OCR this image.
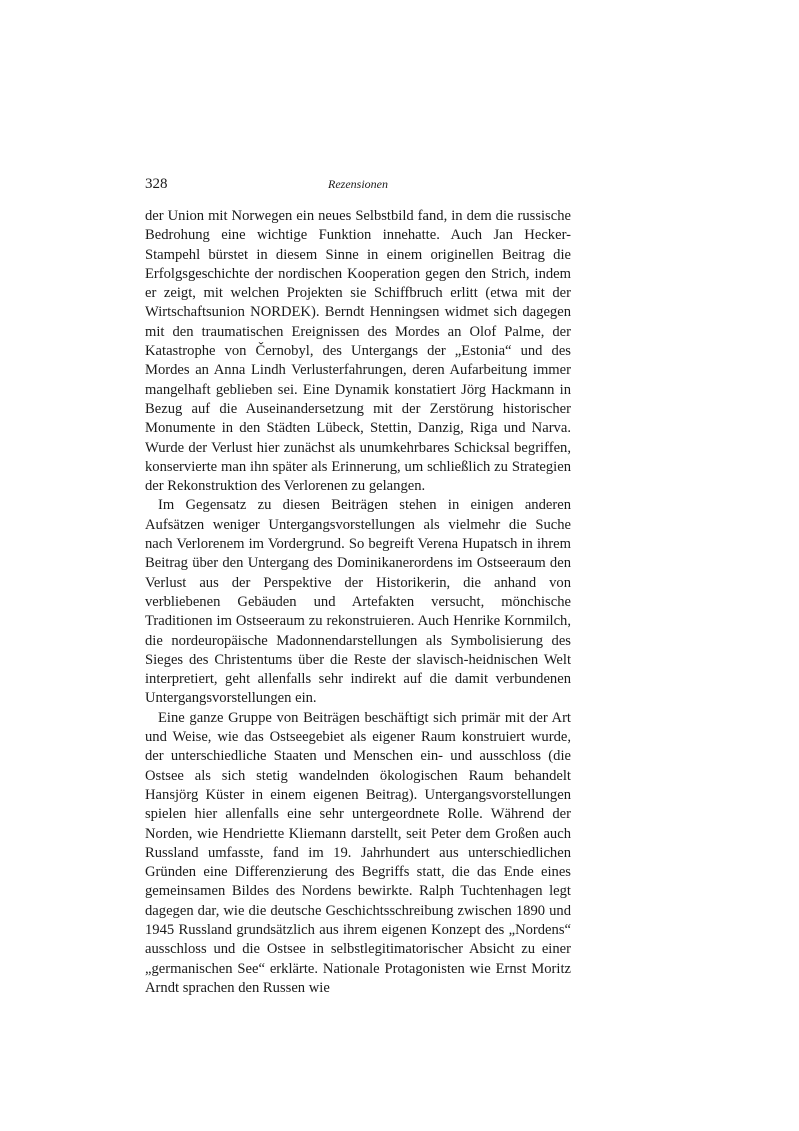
328	Rezensionen

der Union mit Norwegen ein neues Selbstbild fand, in dem die russische Bedrohung eine wichtige Funktion innehatte. Auch Jan Hecker-Stampehl bürstet in diesem Sinne in einem originellen Beitrag die Erfolgsgeschichte der nordischen Kooperation gegen den Strich, indem er zeigt, mit welchen Projekten sie Schiffbruch erlitt (etwa mit der Wirtschaftsunion NORDEK). Berndt Henningsen widmet sich dagegen mit den traumatischen Ereignissen des Mordes an Olof Palme, der Katastrophe von Černobyl, des Untergangs der „Estonia“ und des Mordes an Anna Lindh Verlusterfahrungen, deren Aufarbeitung immer mangelhaft geblieben sei. Eine Dynamik konstatiert Jörg Hackmann in Bezug auf die Auseinandersetzung mit der Zerstörung historischer Monumente in den Städten Lübeck, Stettin, Danzig, Riga und Narva. Wurde der Verlust hier zunächst als unumkehrbares Schicksal begriffen, konservierte man ihn später als Erinnerung, um schließlich zu Strategien der Rekonstruktion des Verlorenen zu gelangen.

Im Gegensatz zu diesen Beiträgen stehen in einigen anderen Aufsätzen weniger Untergangsvorstellungen als vielmehr die Suche nach Verlorenem im Vordergrund. So begreift Verena Hupatsch in ihrem Beitrag über den Untergang des Dominikanerordens im Ostseeraum den Verlust aus der Perspektive der Historikerin, die anhand von verbliebenen Gebäuden und Artefakten versucht, mönchische Traditionen im Ostseeraum zu rekonstruieren. Auch Henrike Kornmilch, die nordeuropäische Madonnendarstellungen als Symbolisierung des Sieges des Christentums über die Reste der slavisch-heidnischen Welt interpretiert, geht allenfalls sehr indirekt auf die damit verbundenen Untergangsvorstellungen ein.

Eine ganze Gruppe von Beiträgen beschäftigt sich primär mit der Art und Weise, wie das Ostseegebiet als eigener Raum konstruiert wurde, der unterschiedliche Staaten und Menschen ein- und ausschloss (die Ostsee als sich stetig wandelnden ökologischen Raum behandelt Hansjörg Küster in einem eigenen Beitrag). Untergangsvorstellungen spielen hier allenfalls eine sehr untergeordnete Rolle. Während der Norden, wie Hendriette Kliemann darstellt, seit Peter dem Großen auch Russland umfasste, fand im 19. Jahrhundert aus unterschiedlichen Gründen eine Differenzierung des Begriffs statt, die das Ende eines gemeinsamen Bildes des Nordens bewirkte. Ralph Tuchtenhagen legt dagegen dar, wie die deutsche Geschichtsschreibung zwischen 1890 und 1945 Russland grundsätzlich aus ihrem eigenen Konzept des „Nordens“ ausschloss und die Ostsee in selbstlegitimatorischer Absicht zu einer „germanischen See“ erklärte. Nationale Protagonisten wie Ernst Moritz Arndt sprachen den Russen wie
